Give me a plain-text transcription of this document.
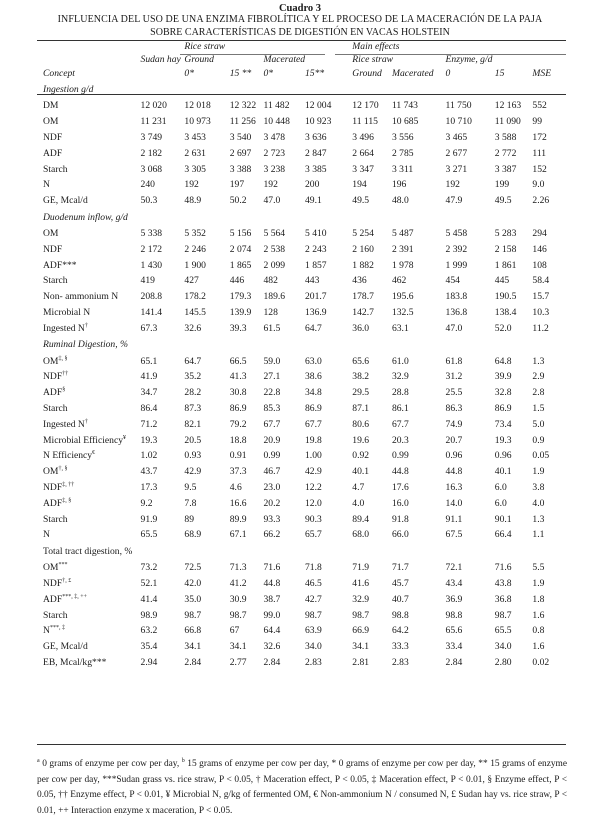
Cuadro 3
INFLUENCIA DEL USO DE UNA ENZIMA FIBROLÍTICA Y EL PROCESO DE LA MACERACIÓN DE LA PAJA
SOBRE CARACTERÍSTICAS DE DIGESTIÓN EN VACAS HOLSTEIN
		Rice straw				Main effects				
	Sudan hay	Ground		Macerated		Rice straw		Enzyme, g/d		
Concept		0*	15 **	0*	15**	Ground	Macerated	0	15	MSE
Ingestion g/d										
DM	12 020	12 018	12 322	11 482	12 004	12 170	11 743	11 750	12 163	552
OM	11 231	10 973	11 256	10 448	10 923	11 115	10 685	10 710	11 090	99
NDF	3 749	3 453	3 540	3 478	3 636	3 496	3 556	3 465	3 588	172
ADF	2 182	2 631	2 697	2 723	2 847	2 664	2 785	2 677	2 772	111
Starch	3 068	3 305	3 388	3 238	3 385	3 347	3 311	3 271	3 387	152
N	240	192	197	192	200	194	196	192	199	9.0
GE, Mcal/d	50.3	48.9	50.2	47.0	49.1	49.5	48.0	47.9	49.5	2.26
Duodenum inflow, g/d										
OM	5 338	5 352	5 156	5 564	5 410	5 254	5 487	5 458	5 283	294
NDF	2 172	2 246	2 074	2 538	2 243	2 160	2 391	2 392	2 158	146
ADF***	1 430	1 900	1 865	2 099	1 857	1 882	1 978	1 999	1 861	108
Starch	419	427	446	482	443	436	462	454	445	58.4
Non- ammonium N	208.8	178.2	179.3	189.6	201.7	178.7	195.6	183.8	190.5	15.7
Microbial N	141.4	145.5	139.9	128	136.9	142.7	132.5	136.8	138.4	10.3
Ingested N†	67.3	32.6	39.3	61.5	64.7	36.0	63.1	47.0	52.0	11.2
Ruminal Digestion, %										
OM‡, §	65.1	64.7	66.5	59.0	63.0	65.6	61.0	61.8	64.8	1.3
NDF††	41.9	35.2	41.3	27.1	38.6	38.2	32.9	31.2	39.9	2.9
ADF§	34.7	28.2	30.8	22.8	34.8	29.5	28.8	25.5	32.8	2.8
Starch	86.4	87.3	86.9	85.3	86.9	87.1	86.1	86.3	86.9	1.5
Ingested N†	71.2	82.1	79.2	67.7	67.7	80.6	67.7	74.9	73.4	5.0
Microbial Efficiency¥	19.3	20.5	18.8	20.9	19.8	19.6	20.3	20.7	19.3	0.9
N Efficiency€	1.02	0.93	0.91	0.99	1.00	0.92	0.99	0.96	0.96	0.05
OM†, §	43.7	42.9	37.3	46.7	42.9	40.1	44.8	44.8	40.1	1.9
NDF‡, ††	17.3	9.5	4.6	23.0	12.2	4.7	17.6	16.3	6.0	3.8
ADF‡, §	9.2	7.8	16.6	20.2	12.0	4.0	16.0	14.0	6.0	4.0
Starch	91.9	89	89.9	93.3	90.3	89.4	91.8	91.1	90.1	1.3
N	65.5	68.9	67.1	66.2	65.7	68.0	66.0	67.5	66.4	1.1
Total tract digestion, %										
OM***	73.2	72.5	71.3	71.6	71.8	71.9	71.7	72.1	71.6	5.5
NDF†, £	52.1	42.0	41.2	44.8	46.5	41.6	45.7	43.4	43.8	1.9
ADF***, ‡, ++	41.4	35.0	30.9	38.7	42.7	32.9	40.7	36.9	36.8	1.8
Starch	98.9	98.7	98.7	99.0	98.7	98.7	98.8	98.8	98.7	1.6
N***, ‡	63.2	66.8	67	64.4	63.9	66.9	64.2	65.6	65.5	0.8
GE, Mcal/d	35.4	34.1	34.1	32.6	34.0	34.1	33.3	33.4	34.0	1.6
EB, Mcal/kg***	2.94	2.84	2.77	2.84	2.83	2.81	2.83	2.84	2.80	0.02
$^a$ 0 grams of enzyme per cow per day, $^b$ 15 grams of enzyme per cow per day, * 0 grams of enzyme per cow per day, ** 15 grams of enzyme per cow per day, ***Sudan grass vs. rice straw, P < 0.05, † Maceration effect, P < 0.05, ‡ Maceration effect, P < 0.01, § Enzyme effect, P < 0.05, †† Enzyme effect, P < 0.01, ¥ Microbial N, g/kg of fermented OM, € Non-ammonium N / consumed N, £ Sudan hay vs. rice straw, P < 0.01, ++ Interaction enzyme x maceration, P < 0.05.
